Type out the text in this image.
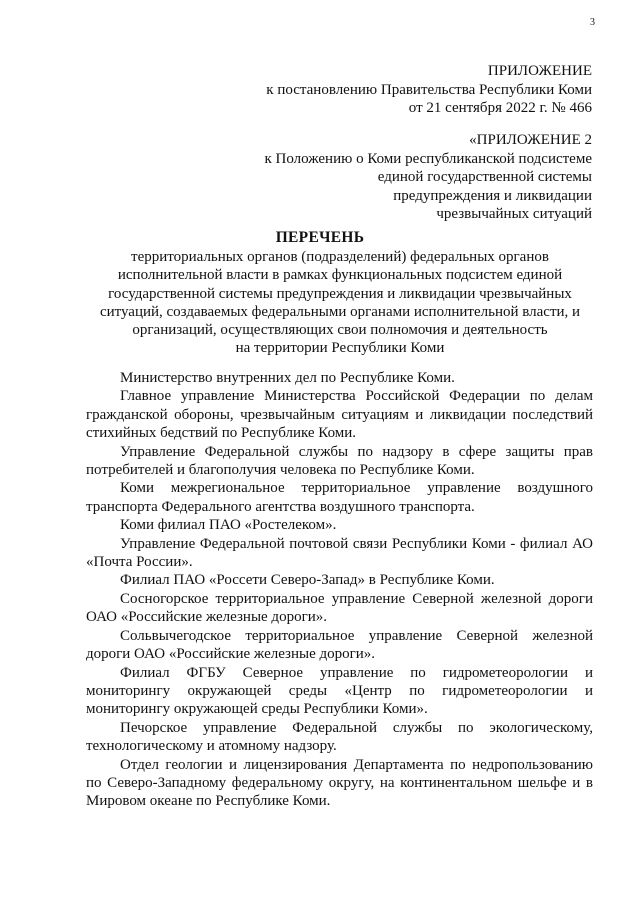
3
ПРИЛОЖЕНИЕ
к постановлению Правительства Республики Коми
от 21 сентября 2022 г. № 466
«ПРИЛОЖЕНИЕ 2
к Положению о Коми республиканской подсистеме
единой государственной системы
предупреждения и ликвидации
чрезвычайных ситуаций
ПЕРЕЧЕНЬ
территориальных органов (подразделений) федеральных органов
исполнительной власти в рамках функциональных подсистем единой
государственной системы предупреждения и ликвидации чрезвычайных
ситуаций, создаваемых федеральными органами исполнительной власти, и
организаций, осуществляющих свои полномочия и деятельность
на территории Республики Коми

Министерство внутренних дел по Республике Коми.

Главное управление Министерства Российской Федерации по делам гражданской обороны, чрезвычайным ситуациям и ликвидации последствий стихийных бедствий по Республике Коми.

Управление Федеральной службы по надзору в сфере защиты прав потребителей и благополучия человека по Республике Коми.

Коми межрегиональное территориальное управление воздушного транспорта Федерального агентства воздушного транспорта.

Коми филиал ПАО «Ростелеком».

Управление Федеральной почтовой связи Республики Коми - филиал АО «Почта России».

Филиал ПАО «Россети Северо-Запад» в Республике Коми.

Сосногорское территориальное управление Северной железной дороги ОАО «Российские железные дороги».

Сольвычегодское территориальное управление Северной железной дороги ОАО «Российские железные дороги».

Филиал ФГБУ Северное управление по гидрометеорологии и мониторингу окружающей среды «Центр по гидрометеорологии и мониторингу окружающей среды Республики Коми».

Печорское управление Федеральной службы по экологическому, технологическому и атомному надзору.

Отдел геологии и лицензирования Департамента по недропользованию по Северо-Западному федеральному округу, на континентальном шельфе и в Мировом океане по Республике Коми.
